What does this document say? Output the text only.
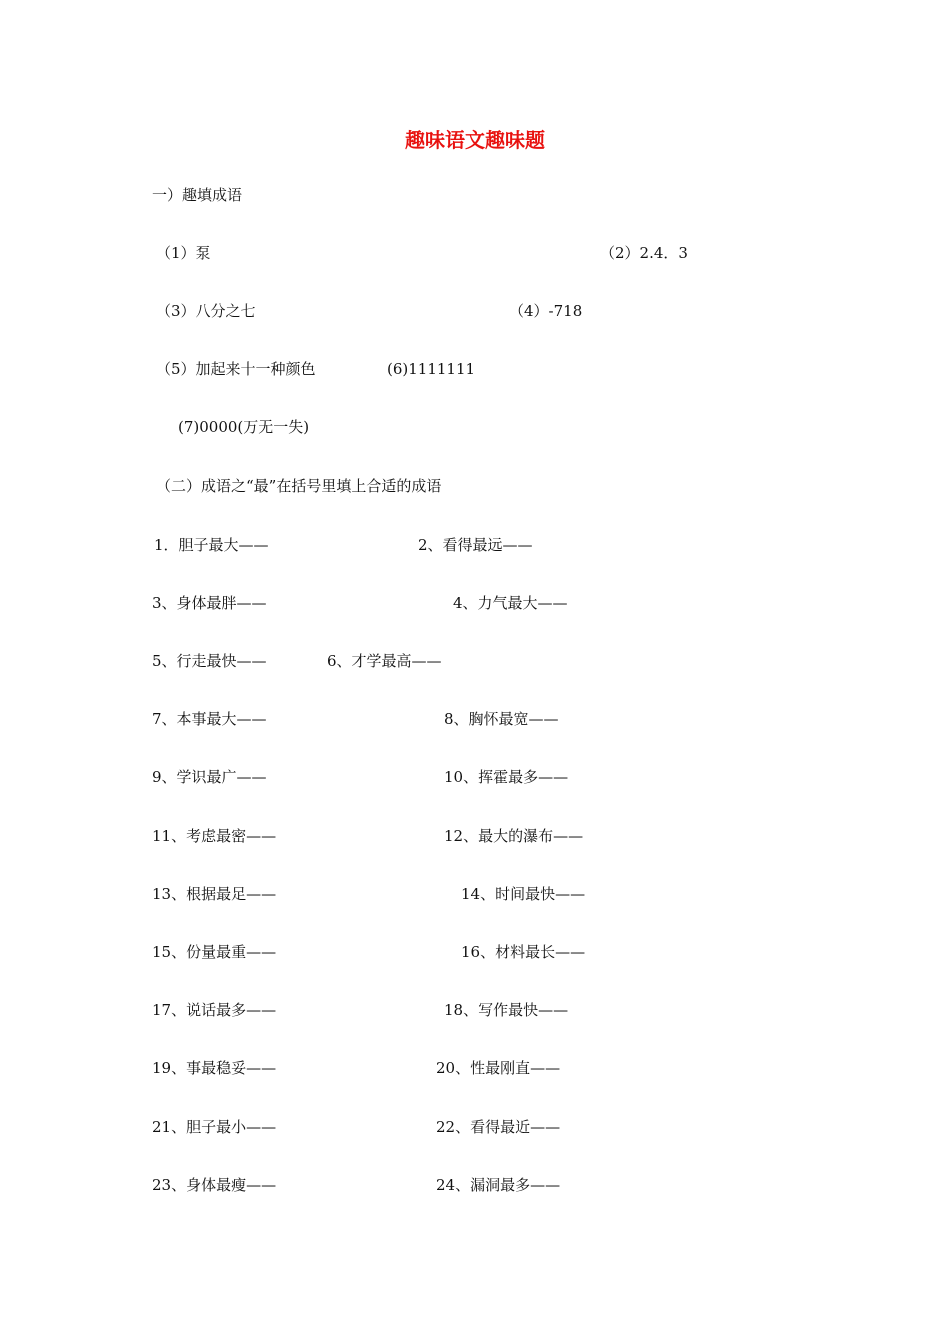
趣味语文趣味题
一）趣填成语
（1）泵	（2）2.4．3
（3）八分之七	（4）-718
（5）加起来十一种颜色	(6)1111111
(7)0000(万无一失)
（二）成语之“最”在括号里填上合适的成语
1．胆子最大——	2、看得最远——
3、身体最胖——	4、力气最大——
5、行走最快——	6、才学最高——
7、本事最大——	8、胸怀最宽——
9、学识最广——	10、挥霍最多——
11、考虑最密——	12、最大的瀑布——
13、根据最足——	14、时间最快——
15、份量最重——	16、材料最长——
17、说话最多——	18、写作最快——
19、事最稳妥——	20、性最刚直——
21、胆子最小——	22、看得最近——
23、身体最瘦——	24、漏洞最多——
